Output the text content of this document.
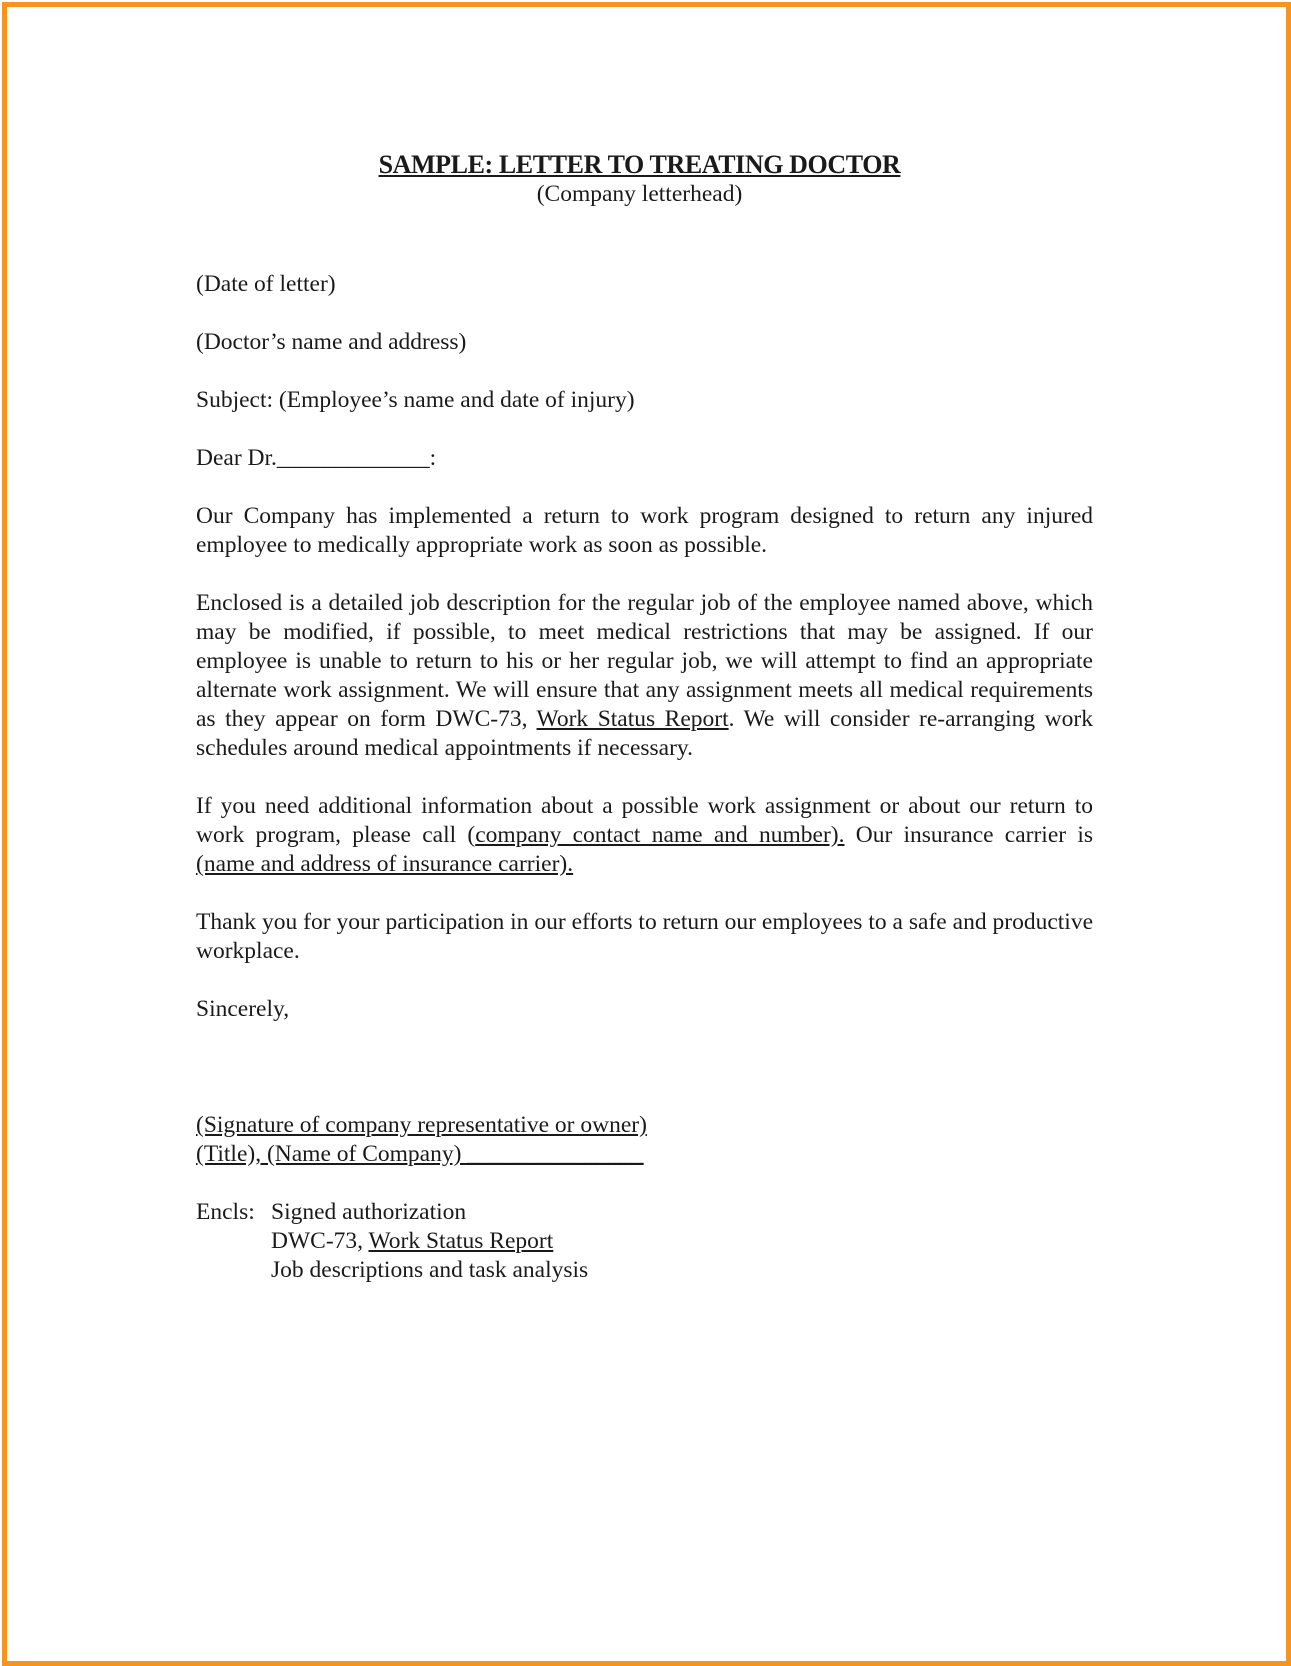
SAMPLE: LETTER TO TREATING DOCTOR
(Company letterhead)
(Date of letter)
(Doctor’s name and address)
Subject: (Employee’s name and date of injury)
Dear Dr._____________:

Our Company has implemented a return to work program designed to return any injured employee to medically appropriate work as soon as possible.

Enclosed is a detailed job description for the regular job of the employee named above, which may be modified, if possible, to meet medical restrictions that may be assigned. If our employee is unable to return to his or her regular job, we will attempt to find an appropriate alternate work assignment. We will ensure that any assignment meets all medical requirements as they appear on form DWC-73, Work Status Report. We will consider re-arranging work schedules around medical appointments if necessary.

If you need additional information about a possible work assignment or about our return to work program, please call (company contact name and number). Our insurance carrier is (name and address of insurance carrier).

Thank you for your participation in our efforts to return our employees to a safe and productive workplace.

Sincerely,
(Signature of company representative or owner)
(Title), (Name of Company) _______________
Encls: Signed authorization
DWC-73, Work Status Report
Job descriptions and task analysis
